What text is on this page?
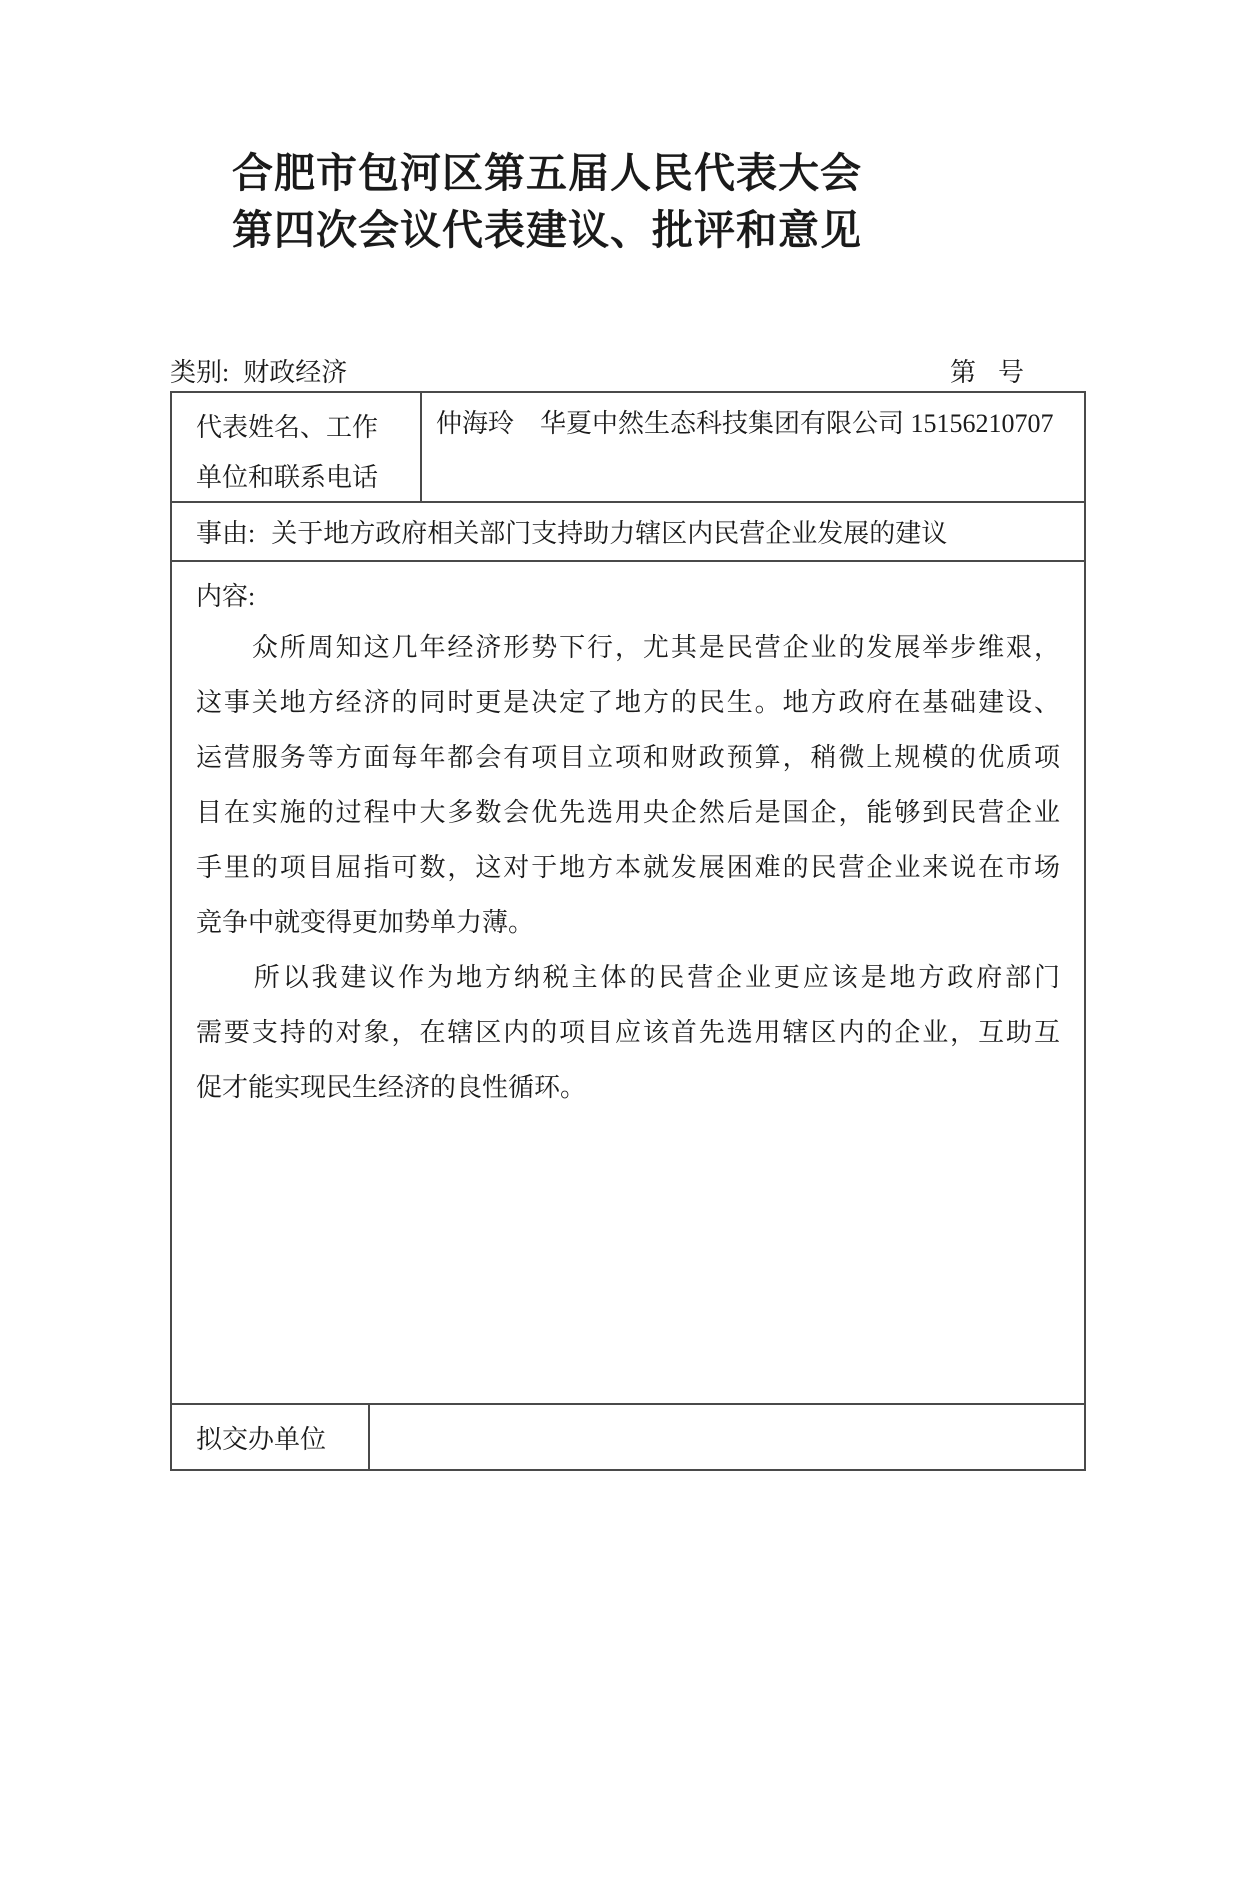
合肥市包河区第五届人民代表大会
第四次会议代表建议、批评和意见
类别: 财政经济	第 号
代表姓名、工作
单位和联系电话
仲海玲　华夏中然生态科技集团有限公司 15156210707
事由: 关于地方政府相关部门支持助力辖区内民营企业发展的建议
内容:
　　众所周知这几年经济形势下行，尤其是民营企业的发展举步维艰，
这事关地方经济的同时更是决定了地方的民生。地方政府在基础建设、
运营服务等方面每年都会有项目立项和财政预算，稍微上规模的优质项
目在实施的过程中大多数会优先选用央企然后是国企，能够到民营企业
手里的项目屈指可数，这对于地方本就发展困难的民营企业来说在市场
竞争中就变得更加势单力薄。
　　所以我建议作为地方纳税主体的民营企业更应该是地方政府部门
需要支持的对象，在辖区内的项目应该首先选用辖区内的企业，互助互
促才能实现民生经济的良性循环。
拟交办单位
